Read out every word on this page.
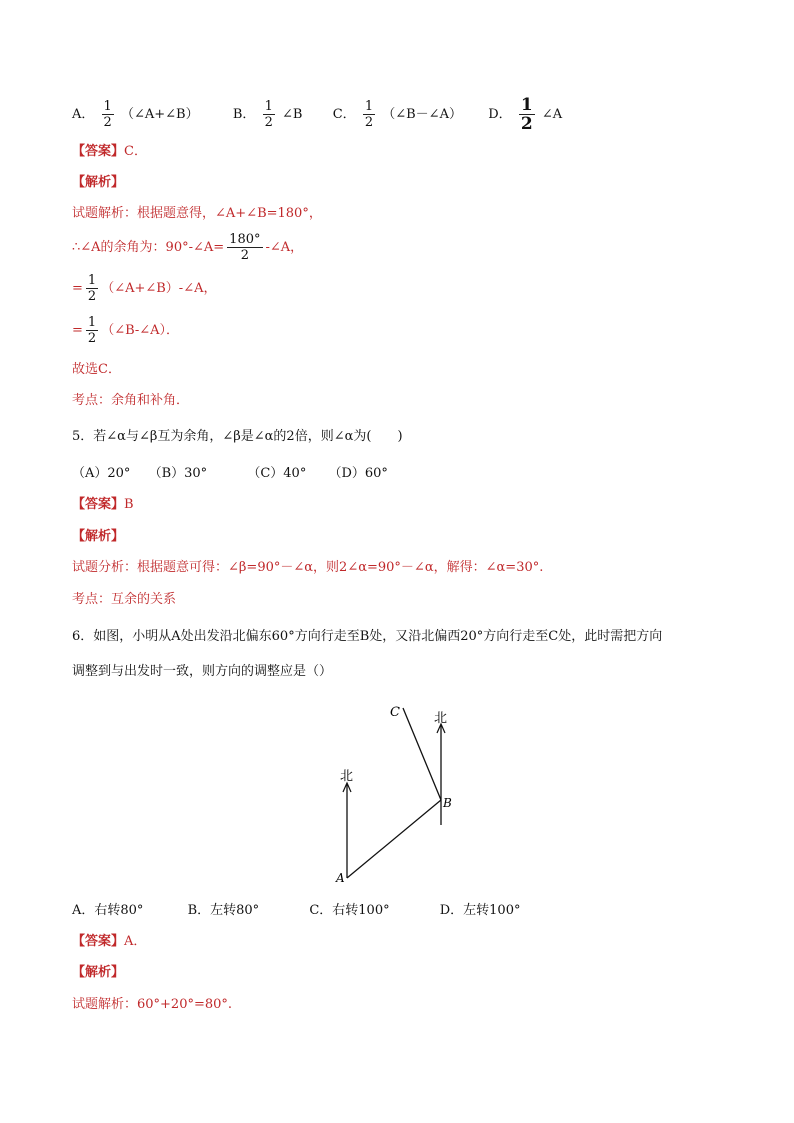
A． $\frac{1}{2}$ （∠A+∠B）	B． $\frac{1}{2}$ ∠B C． $\frac{1}{2}$ （∠B－∠A） D． $\frac{1}{2}$ ∠A
【答案】C．
【解析】
试题解析：根据题意得，∠A+∠B=180°，
∴∠A的余角为：90°-∠A= $\frac{180^\circ}{2}$ -∠A，
= $\frac{1}{2}$ （∠A+∠B）-∠A，
= $\frac{1}{2}$ （∠B-∠A）．
故选C．
考点：余角和补角．
5．若∠α与∠β互为余角，∠β是∠α的2倍，则∠α为(　　)
（A）20° （B）30°	（C）40° （D）60°
【答案】B
【解析】
试题分析：根据题意可得：∠β=90°－∠α，则2∠α=90°－∠α，解得：∠α=30°.
考点：互余的关系
6．如图，小明从A处出发沿北偏东60°方向行走至B处，又沿北偏西20°方向行走至C处，此时需把方向
调整到与出发时一致，则方向的调整应是（）
北
北
C
B
A
A．右转80°	B．左转80°	C．右转100°	D．左转100°
【答案】A．
【解析】
试题解析：60°+20°=80°.
